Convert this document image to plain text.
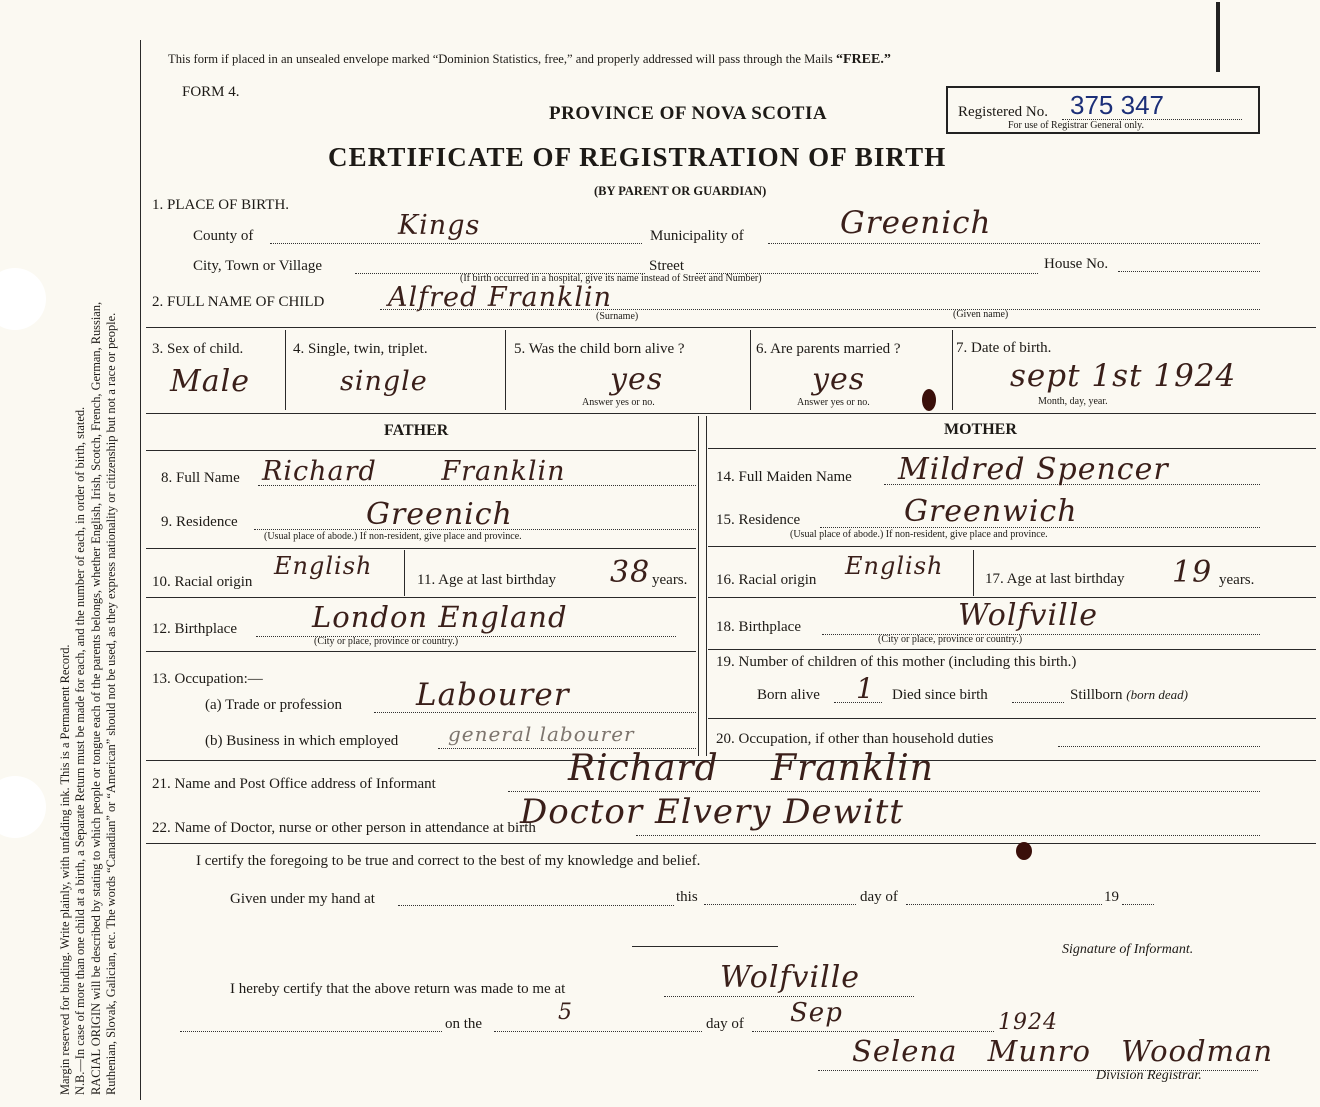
Margin reserved for binding. Write plainly, with unfading ink. This is a Permanent Record. N.B.—In case of more than one child at a birth, a Separate Return must be made for each, and the number of each, in order of birth, stated. RACIAL ORIGIN will be described by stating to which people or tongue each of the parents belongs, whether English, Irish, Scotch, French, German, Russian, Ruthenian, Slovak, Galician, etc. The words “Canadian” or “American” should not be used, as they express nationality or citizenship but not a race or people.
This form if placed in an unsealed envelope marked “Dominion Statistics, free,” and properly addressed will pass through the Mails “FREE.”
FORM 4.
PROVINCE OF NOVA SCOTIA
CERTIFICATE OF REGISTRATION OF BIRTH
(BY PARENT OR GUARDIAN)
Registered No. 375 347
For use of Registrar General only.
1. PLACE OF BIRTH.
County of	Kings	Municipality of	Greenich
City, Town or Village	Street	House No.
(If birth occurred in a hospital, give its name instead of Street and Number)
2. FULL NAME OF CHILD Alfred Franklin
(Surname)	(Given name)
3. Sex of child.
Male
4. Single, twin, triplet.
single
5. Was the child born alive ?
yes
Answer yes or no.
6. Are parents married ?
yes
Answer yes or no.
7. Date of birth.
sept 1st 1924
Month, day, year.
FATHER
8. Full Name Richard Franklin
9. Residence	Greenich
(Usual place of abode.) If non-resident, give place and province.
10. Racial origin
English	11. Age at last birthday 38 years.
12. Birthplace	London England
(City or place, province or country.)
13. Occupation:—
(a) Trade or profession Labourer
(b) Business in which employed general labourer
MOTHER
14. Full Maiden Name Mildred Spencer
15. Residence	Greenwich
(Usual place of abode.) If non-resident, give place and province.
16. Racial origin English	17. Age at last birthday 19 years.
18. Birthplace	Wolfville
(City or place, province or country.)
19. Number of children of this mother (including this birth.)
Born alive 1 Died since birth	Stillborn (born dead)
20. Occupation, if other than household duties
21. Name and Post Office address of Informant	Richard Franklin
22. Name of Doctor, nurse or other person in attendance at birth
Doctor Elvery Dewitt
I certify the foregoing to be true and correct to the best of my knowledge and belief.
Given under my hand at	this	day of	19
Signature of Informant.
I hereby certify that the above return was made to me at	Wolfville
on the	5	day of Sep	1924
Selena Munro Woodman
Division Registrar.
